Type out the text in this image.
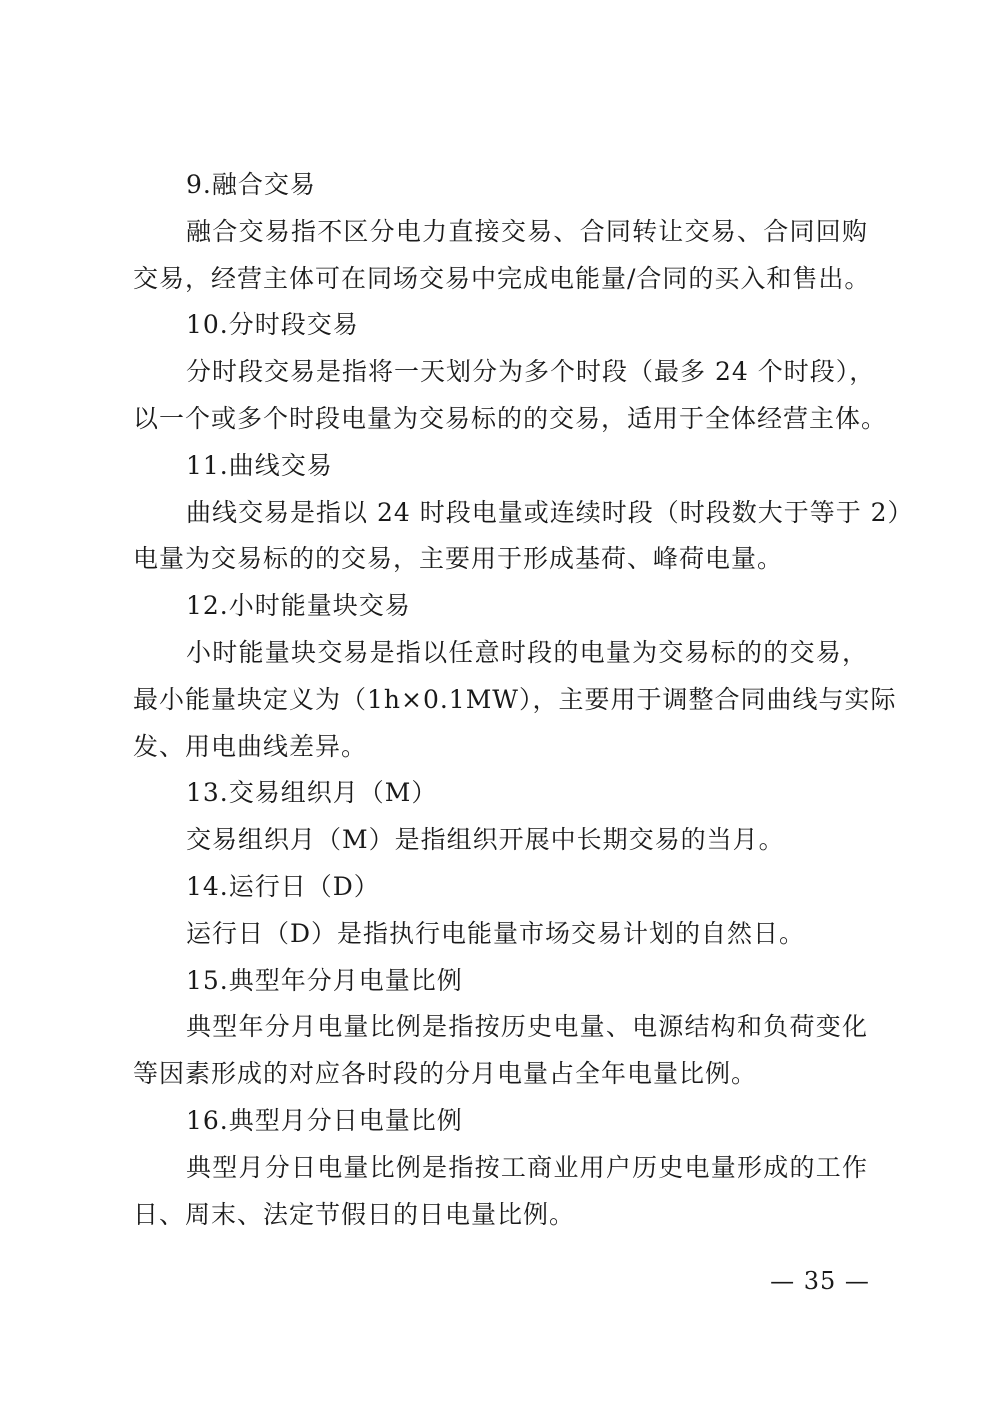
9.融合交易
融合交易指不区分电力直接交易、合同转让交易、合同回购
交易，经营主体可在同场交易中完成电能量/合同的买入和售出。
10.分时段交易
分时段交易是指将一天划分为多个时段（最多 24 个时段），
以一个或多个时段电量为交易标的的交易，适用于全体经营主体。
11.曲线交易
曲线交易是指以 24 时段电量或连续时段（时段数大于等于 2）
电量为交易标的的交易，主要用于形成基荷、峰荷电量。
12.小时能量块交易
小时能量块交易是指以任意时段的电量为交易标的的交易，
最小能量块定义为（1h×0.1MW），主要用于调整合同曲线与实际
发、用电曲线差异。
13.交易组织月（M）
交易组织月（M）是指组织开展中长期交易的当月。
14.运行日（D）
运行日（D）是指执行电能量市场交易计划的自然日。
15.典型年分月电量比例
典型年分月电量比例是指按历史电量、电源结构和负荷变化
等因素形成的对应各时段的分月电量占全年电量比例。
16.典型月分日电量比例
典型月分日电量比例是指按工商业用户历史电量形成的工作
日、周末、法定节假日的日电量比例。
— 35 —
